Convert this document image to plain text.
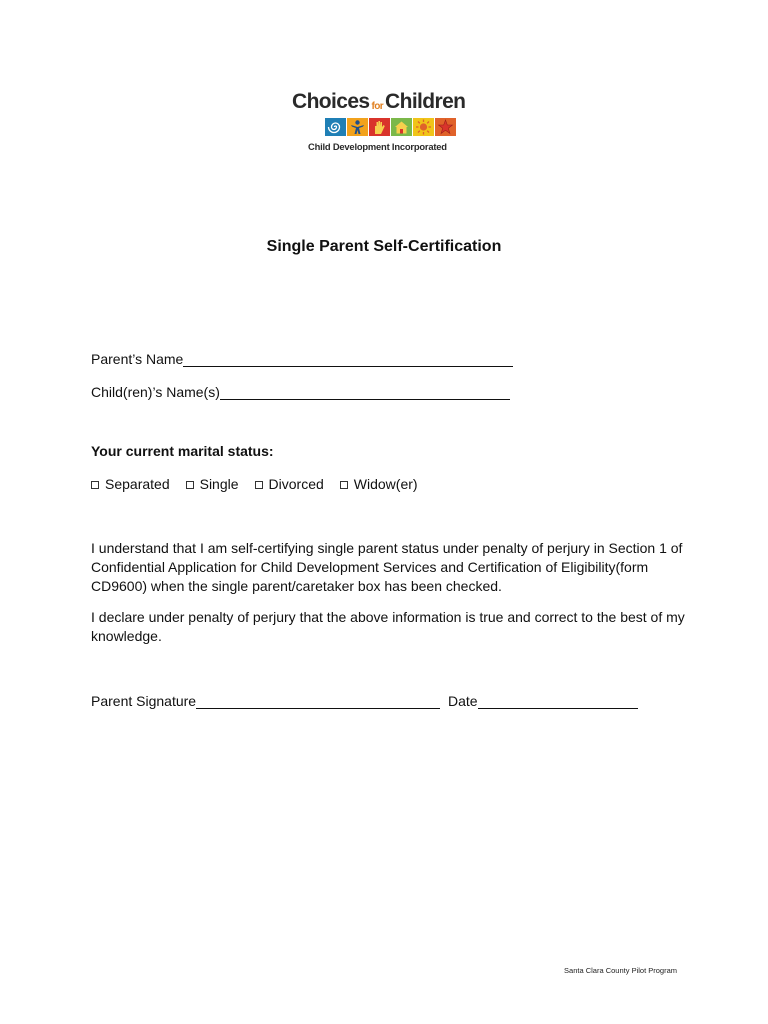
Choices forChildren
Child Development Incorporated
Single Parent Self-Certification
Parent’s Name
Child(ren)’s Name(s)
Your current marital status:
Separated Single Divorced Widow(er)
I understand that I am self-certifying single parent status under penalty of perjury in Section 1 of Confidential Application for Child Development Services and Certification of Eligibility(form CD9600) when the single parent/caretaker box has been checked.
I declare under penalty of perjury that the above information is true and correct to the best of my knowledge.
Parent Signature	Date
Santa Clara County Pilot Program
